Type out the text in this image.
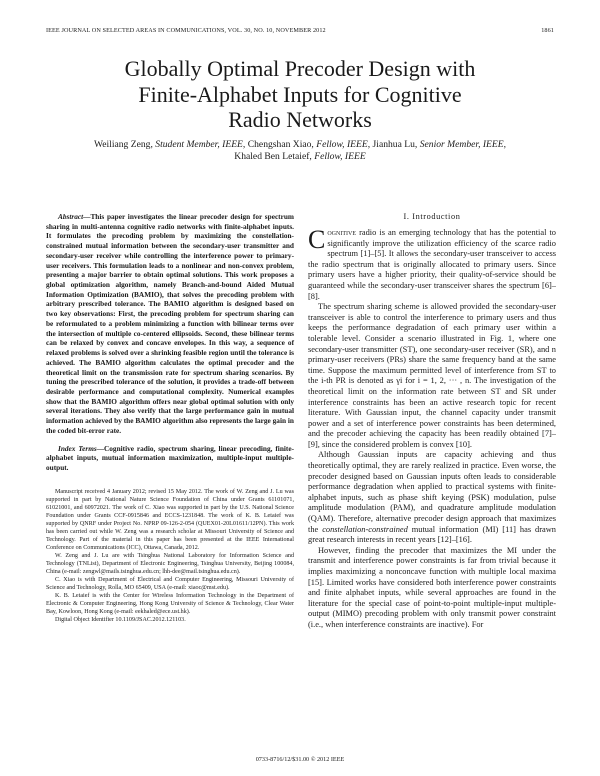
IEEE JOURNAL ON SELECTED AREAS IN COMMUNICATIONS, VOL. 30, NO. 10, NOVEMBER 2012	1861
Globally Optimal Precoder Design with
Finite-Alphabet Inputs for Cognitive
Radio Networks
Weiliang Zeng, Student Member, IEEE, Chengshan Xiao, Fellow, IEEE, Jianhua Lu, Senior Member, IEEE,
Khaled Ben Letaief, Fellow, IEEE

Abstract—This paper investigates the linear precoder design for spectrum sharing in multi-antenna cognitive radio networks with finite-alphabet inputs. It formulates the precoding problem by maximizing the constellation-constrained mutual information between the secondary-user transmitter and secondary-user receiver while controlling the interference power to primary-user receivers. This formulation leads to a nonlinear and non-convex problem, presenting a major barrier to obtain optimal solutions. This work proposes a global optimization algorithm, namely Branch-and-bound Aided Mutual Information Optimization (BAMIO), that solves the precoding problem with arbitrary prescribed tolerance. The BAMIO algorithm is designed based on two key observations: First, the precoding problem for spectrum sharing can be reformulated to a problem minimizing a function with bilinear terms over the intersection of multiple co-centered ellipsoids. Second, these bilinear terms can be relaxed by convex and concave envelopes. In this way, a sequence of relaxed problems is solved over a shrinking feasible region until the tolerance is achieved. The BAMIO algorithm calculates the optimal precoder and the theoretical limit on the transmission rate for spectrum sharing scenarios. By tuning the prescribed tolerance of the solution, it provides a trade-off between desirable performance and computational complexity. Numerical examples show that the BAMIO algorithm offers near global optimal solution with only several iterations. They also verify that the large performance gain in mutual information achieved by the BAMIO algorithm also represents the large gain in the coded bit-error rate.

Index Terms—Cognitive radio, spectrum sharing, linear precoding, finite-alphabet inputs, mutual information maximization, multiple-input multiple-output.

Manuscript received 4 January 2012; revised 15 May 2012. The work of W. Zeng and J. Lu was supported in part by National Nature Science Foundation of China under Grants 61101071, 61021001, and 60972021. The work of C. Xiao was supported in part by the U.S. National Science Foundation under Grants CCF-0915846 and ECCS-1231848. The work of K. B. Letaief was supported by QNRF under Project No. NPRP 09-126-2-054 (QUEX01-20L01611/12PN). This work has been carried out while W. Zeng was a research scholar at Missouri University of Science and Technology. Part of the material in this paper has been presented at the IEEE International Conference on Communications (ICC), Ottawa, Canada, 2012.

W. Zeng and J. Lu are with Tsinghua National Laboratory for Information Science and Technology (TNList), Department of Electronic Engineering, Tsinghua University, Beijing 100084, China (e-mail: zengwl@mails.tsinghua.edu.cn; lhh-dee@mail.tsinghua.edu.cn).

C. Xiao is with Department of Electrical and Computer Engineering, Missouri University of Science and Technology, Rolla, MO 65409, USA (e-mail: xiaoc@mst.edu).

K. B. Letaief is with the Center for Wireless Information Technology in the Department of Electronic & Computer Engineering, Hong Kong University of Science & Technology, Clear Water Bay, Kowloon, Hong Kong (e-mail: eekhaled@ece.ust.hk).

Digital Object Identifier 10.1109/JSAC.2012.121103.

I. Introduction

Cognitive radio is an emerging technology that has the potential to significantly improve the utilization efficiency of the scarce radio spectrum [1]–[5]. It allows the secondary-user transceiver to access the radio spectrum that is originally allocated to primary users. Since primary users have a higher priority, their quality-of-service should be guaranteed while the secondary-user transceiver shares the spectrum [6]–[8].

The spectrum sharing scheme is allowed provided the secondary-user transceiver is able to control the interference to primary users and thus keeps the performance degradation of each primary user within a tolerable level. Consider a scenario illustrated in Fig. 1, where one secondary-user transmitter (ST), one secondary-user receiver (SR), and n primary-user receivers (PRs) share the same frequency band at the same time. Suppose the maximum permitted level of interference from ST to the i-th PR is denoted as γi for i = 1, 2, ··· , n. The investigation of the theoretical limit on the information rate between ST and SR under interference constraints has been an active research topic for recent literature. With Gaussian input, the channel capacity under transmit power and a set of interference power constraints has been determined, and the precoder achieving the capacity has been readily obtained [7]–[9], since the considered problem is convex [10].

Although Gaussian inputs are capacity achieving and thus theoretically optimal, they are rarely realized in practice. Even worse, the precoder designed based on Gaussian inputs often leads to considerable performance degradation when applied to practical systems with finite-alphabet inputs, such as phase shift keying (PSK) modulation, pulse amplitude modulation (PAM), and quadrature amplitude modulation (QAM). Therefore, alternative precoder design approach that maximizes the constellation-constrained mutual information (MI) [11] has drawn great research interests in recent years [12]–[16].

However, finding the precoder that maximizes the MI under the transmit and interference power constraints is far from trivial because it implies maximizing a nonconcave function with multiple local maxima [15]. Limited works have considered both interference power constraints and finite alphabet inputs, while several approaches are found in the literature for the special case of point-to-point multiple-input multiple-output (MIMO) precoding problem with only transmit power constraint (i.e., when interference constraints are inactive). For

0733-8716/12/$31.00 © 2012 IEEE
